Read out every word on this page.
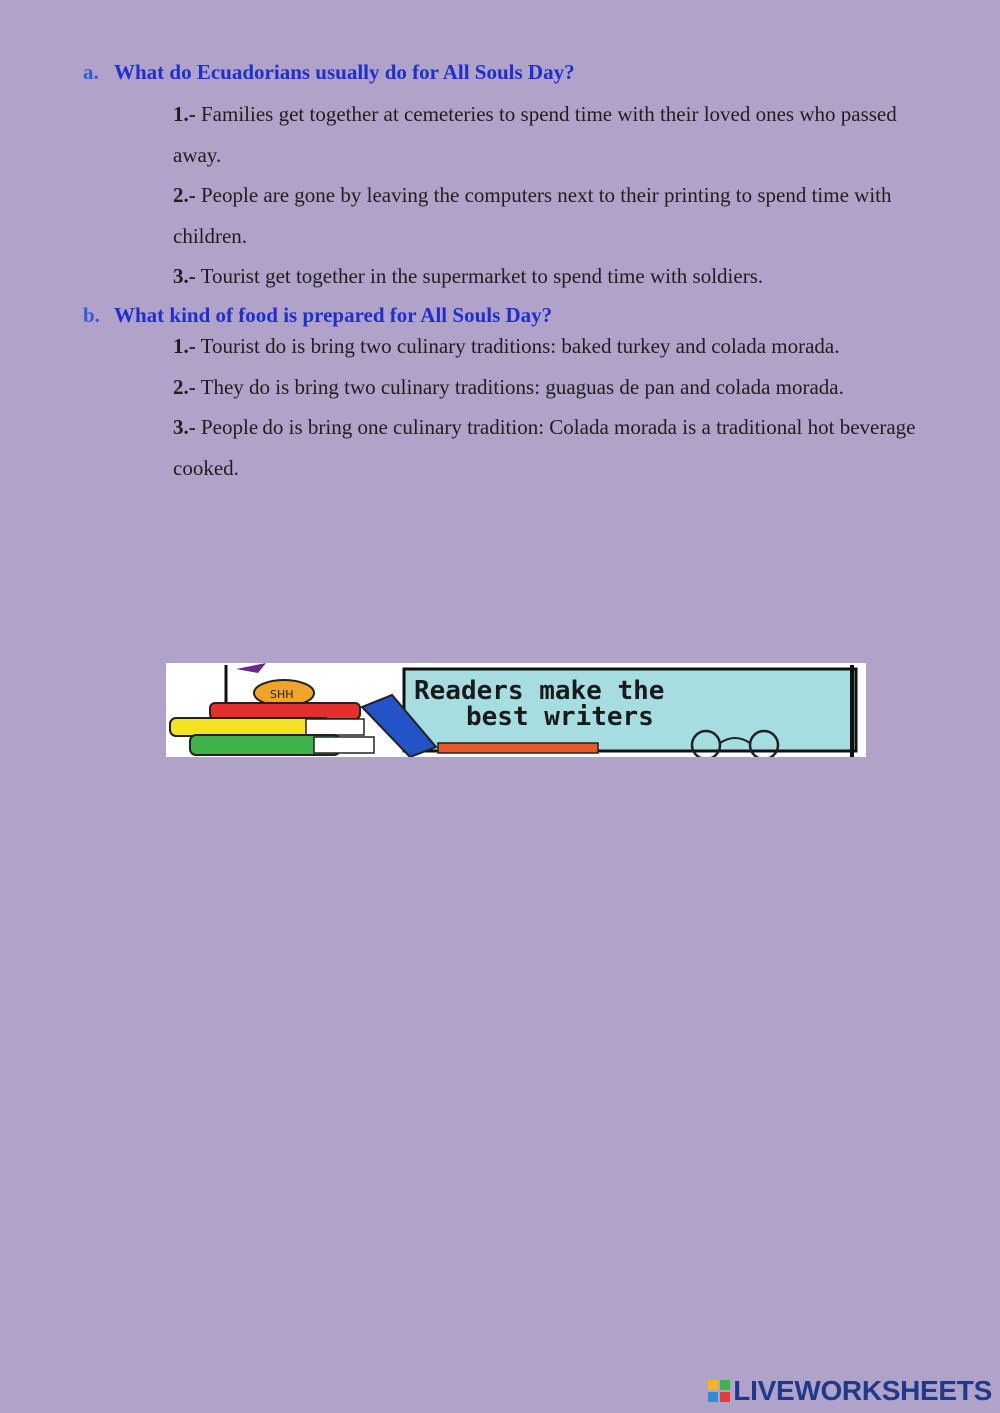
a. What do Ecuadorians usually do for All Souls Day?

1.- Families get together at cemeteries to spend time with their loved ones who passed away.

2.- People are gone by leaving the computers next to their printing to spend time with children.

3.- Tourist get together in the supermarket to spend time with soldiers.

b. What kind of food is prepared for All Souls Day?

1.- Tourist do is bring two culinary traditions: baked turkey and colada morada.

2.- They do is bring two culinary traditions: guaguas de pan and colada morada.

3.- People do is bring one culinary tradition: Colada morada is a traditional hot beverage cooked.

SHH	Readers make the
best writers
LIVEWORKSHEETS
